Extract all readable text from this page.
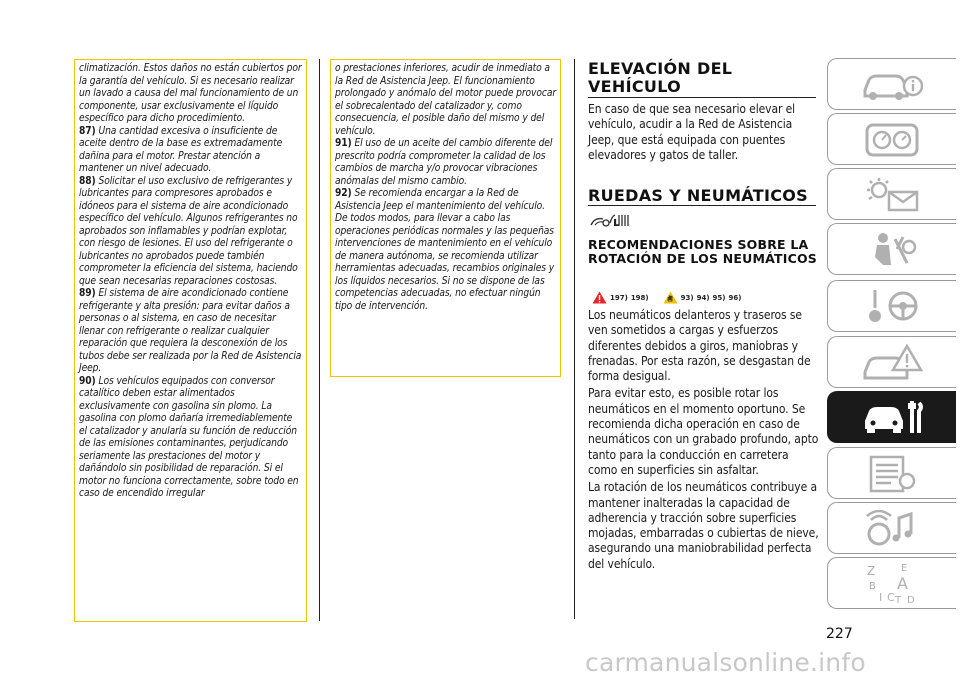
climatización. Estos daños no están cubiertos por la garantía del vehículo. Si es necesario realizar un lavado a causa del mal funcionamiento de un componente, usar exclusivamente el líquido específico para dicho procedimiento.

87) Una cantidad excesiva o insuficiente de aceite dentro de la base es extremadamente dañina para el motor. Prestar atención a mantener un nivel adecuado.

88) Solicitar el uso exclusivo de refrigerantes y lubricantes para compresores aprobados e idóneos para el sistema de aire acondicionado específico del vehículo. Algunos refrigerantes no aprobados son inflamables y podrían explotar, con riesgo de lesiones. El uso del refrigerante o lubricantes no aprobados puede también comprometer la eficiencia del sistema, haciendo que sean necesarias reparaciones costosas.

89) El sistema de aire acondicionado contiene refrigerante y alta presión: para evitar daños a personas o al sistema, en caso de necesitar llenar con refrigerante o realizar cualquier reparación que requiera la desconexión de los tubos debe ser realizada por la Red de Asistencia Jeep.

90) Los vehículos equipados con conversor catalítico deben estar alimentados exclusivamente con gasolina sin plomo. La gasolina con plomo dañaría irremediablemente el catalizador y anularía su función de reducción de las emisiones contaminantes, perjudicando seriamente las prestaciones del motor y dañándolo sin posibilidad de reparación. Si el motor no funciona correctamente, sobre todo en caso de encendido irregular

o prestaciones inferiores, acudir de inmediato a la Red de Asistencia Jeep. El funcionamiento prolongado y anómalo del motor puede provocar el sobrecalentado del catalizador y, como consecuencia, el posible daño del mismo y del vehículo.

91) El uso de un aceite del cambio diferente del prescrito podría comprometer la calidad de los cambios de marcha y/o provocar vibraciones anómalas del mismo cambio.

92) Se recomienda encargar a la Red de Asistencia Jeep el mantenimiento del vehículo. De todos modos, para llevar a cabo las operaciones periódicas normales y las pequeñas intervenciones de mantenimiento en el vehículo de manera autónoma, se recomienda utilizar herramientas adecuadas, recambios originales y los líquidos necesarios. Si no se dispone de las competencias adecuadas, no efectuar ningún tipo de intervención.

ELEVACIÓN DEL VEHÍCULO

En caso de que sea necesario elevar el vehículo, acudir a la Red de Asistencia Jeep, que está equipada con puentes elevadores y gatos de taller.

RUEDAS Y NEUMÁTICOS
ʟ
RECOMENDACIONES SOBRE LA ROTACIÓN DE LOS NEUMÁTICOS
197) 198)	93) 94) 95) 96)

Los neumáticos delanteros y traseros se ven sometidos a cargas y esfuerzos diferentes debidos a giros, maniobras y frenadas. Por esta razón, se desgastan de forma desigual.

Para evitar esto, es posible rotar los neumáticos en el momento oportuno. Se recomienda dicha operación en caso de neumáticos con un grabado profundo, apto tanto para la conducción en carretera como en superficies sin asfaltar.

La rotación de los neumáticos contribuye a mantener inalteradas la capacidad de adherencia y tracción sobre superficies mojadas, embarradas o cubiertas de nieve, asegurando una maniobrabilidad perfecta del vehículo.

Z	E
B A
I C T D
227
carmanualsonline.info
